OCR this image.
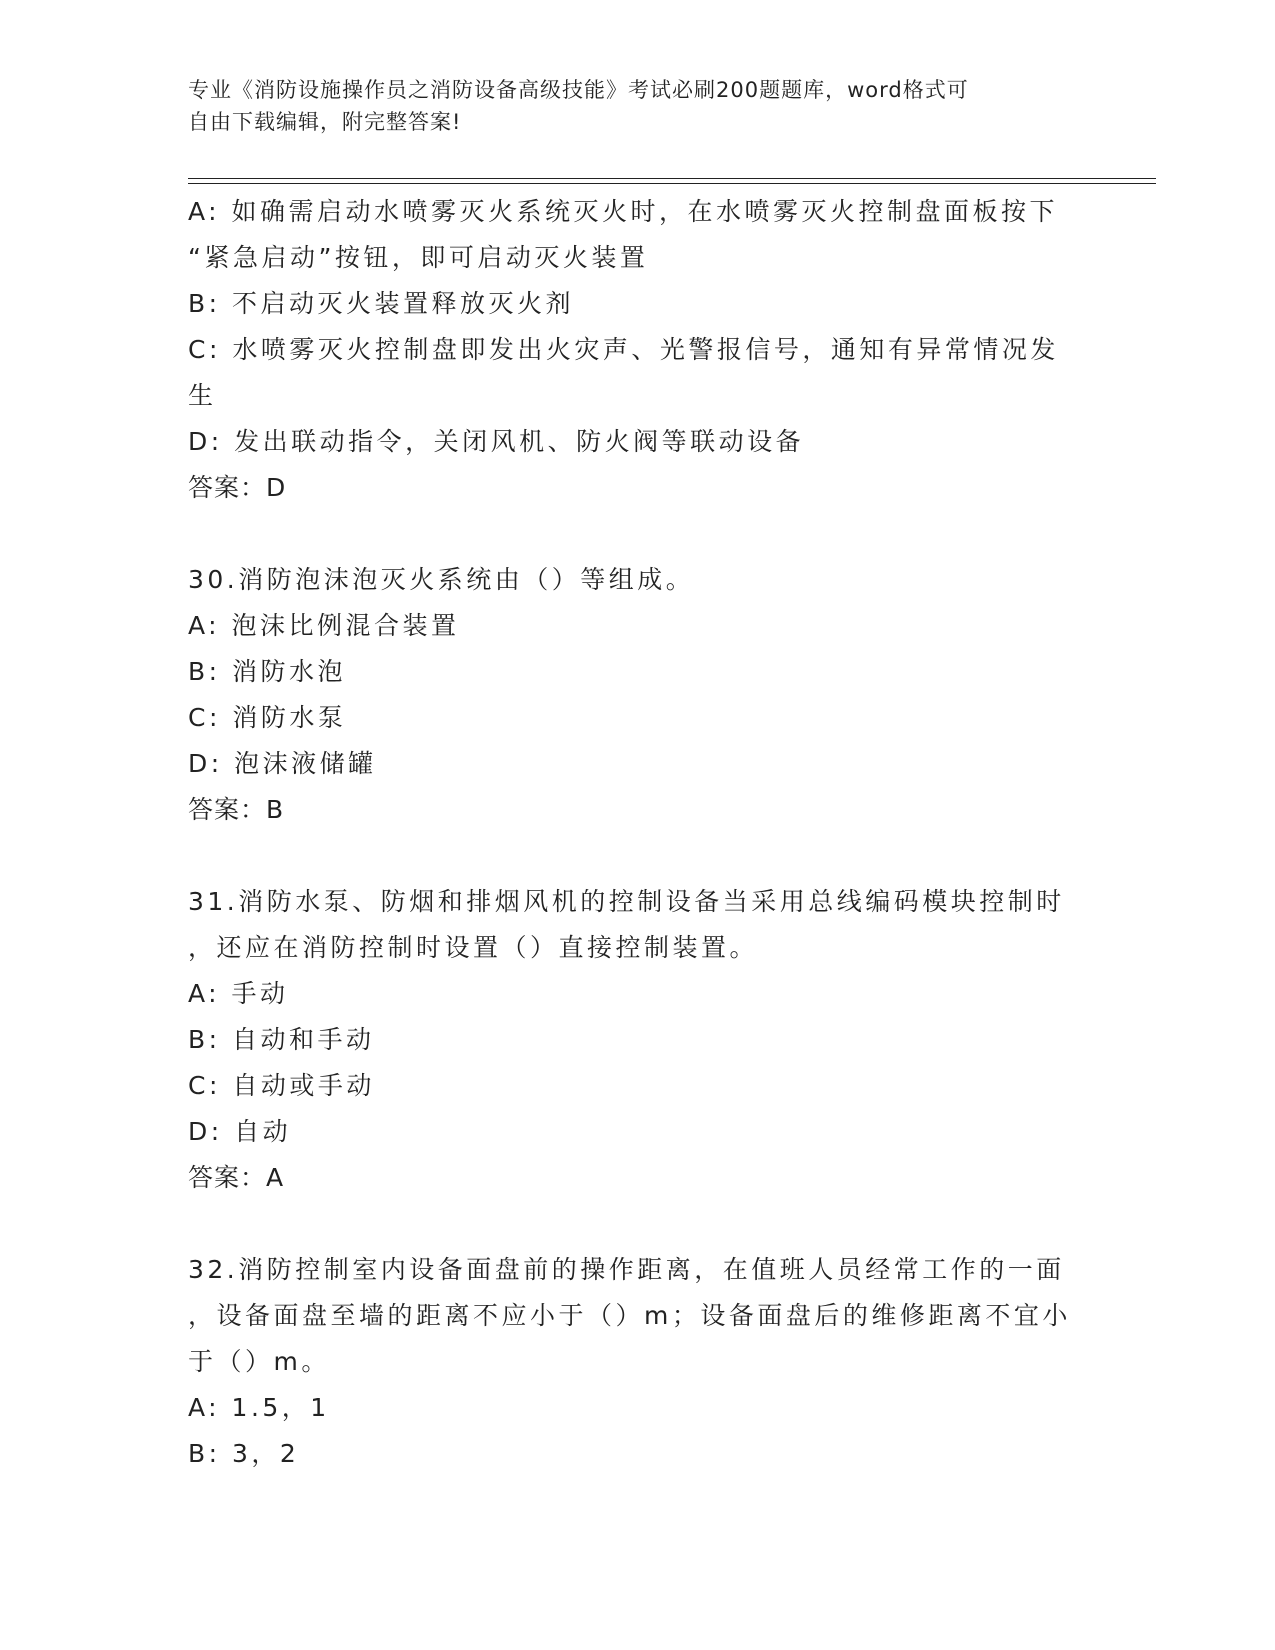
专业《消防设施操作员之消防设备高级技能》考试必刷200题题库，word格式可
自由下载编辑，附完整答案!
A: 如确需启动水喷雾灭火系统灭火时，在水喷雾灭火控制盘面板按下
“紧急启动”按钮，即可启动灭火装置
B: 不启动灭火装置释放灭火剂
C: 水喷雾灭火控制盘即发出火灾声、光警报信号，通知有异常情况发
生
D: 发出联动指令，关闭风机、防火阀等联动设备
答案：D
30.消防泡沫泡灭火系统由（）等组成。
A: 泡沫比例混合装置
B: 消防水泡
C: 消防水泵
D: 泡沫液储罐
答案：B
31.消防水泵、防烟和排烟风机的控制设备当采用总线编码模块控制时
，还应在消防控制时设置（）直接控制装置。
A: 手动
B: 自动和手动
C: 自动或手动
D: 自动
答案：A
32.消防控制室内设备面盘前的操作距离，在值班人员经常工作的一面
，设备面盘至墙的距离不应小于（）m；设备面盘后的维修距离不宜小
于（）m。
A: 1.5，1
B: 3，2
